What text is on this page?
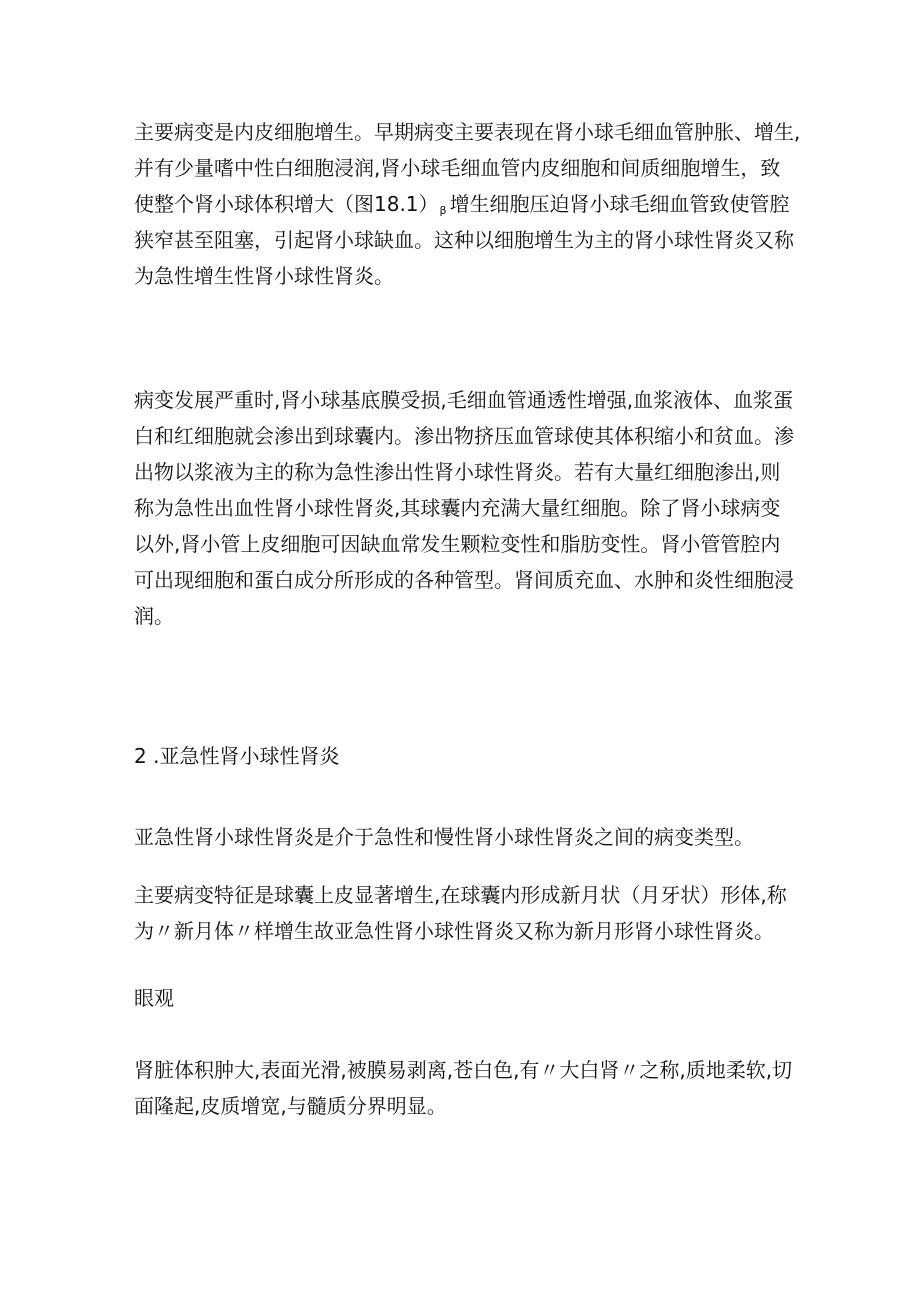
主要病变是内皮细胞增生。早期病变主要表现在肾小球毛细血管肿胀、增生,
并有少量嗜中性白细胞浸润,肾小球毛细血管内皮细胞和间质细胞增生，致
使整个肾小球体积增大（图$18.1)_\beta$ 增生细胞压迫肾小球毛细血管致使管腔
狭窄甚至阻塞，引起肾小球缺血。这种以细胞增生为主的肾小球性肾炎又称
为急性增生性肾小球性肾炎。
病变发展严重时,肾小球基底膜受损,毛细血管通透性增强,血浆液体、血浆蛋
白和红细胞就会渗出到球囊内。渗出物挤压血管球使其体积缩小和贫血。渗
出物以浆液为主的称为急性渗出性肾小球性肾炎。若有大量红细胞渗出,则
称为急性出血性肾小球性肾炎,其球囊内充满大量红细胞。除了肾小球病变
以外,肾小管上皮细胞可因缺血常发生颗粒变性和脂肪变性。肾小管管腔内
可出现细胞和蛋白成分所形成的各种管型。肾间质充血、水肿和炎性细胞浸
润。
2 .亚急性肾小球性肾炎
亚急性肾小球性肾炎是介于急性和慢性肾小球性肾炎之间的病变类型。
主要病变特征是球囊上皮显著增生,在球囊内形成新月状（月牙状）形体,称
为〃新月体〃样增生故亚急性肾小球性肾炎又称为新月形肾小球性肾炎。
眼观
肾脏体积肿大,表面光滑,被膜易剥离,苍白色,有〃大白肾〃之称,质地柔软,切
面隆起,皮质增宽,与髓质分界明显。
